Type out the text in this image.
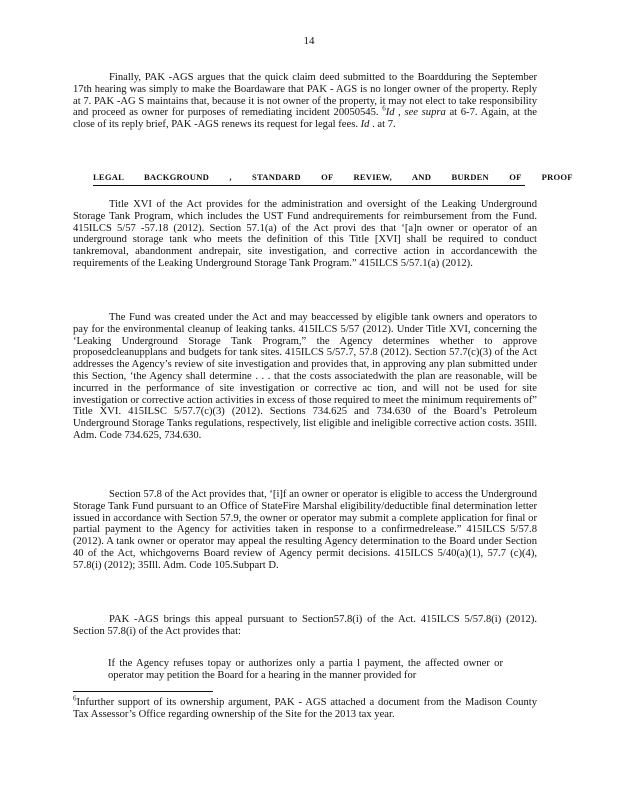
14

Finally, PAK -AGS argues that the quick claim deed submitted to the Boardduring the September 17th hearing was simply to make the Boardaware that PAK - AGS is no longer owner of the property. Reply at 7. PAK -AG S maintains that, because it is not owner of the property, it may not elect to take responsibility and proceed as owner for purposes of remediating incident 20050545. $^6$Id , see supra at 6-7. Again, at the close of its reply brief, PAK -AGS renews its request for legal fees. Id . at 7.

LEGAL BACKGROUND , STANDARD OF REVIEW, AND BURDEN OF PROOF

Title XVI of the Act provides for the administration and oversight of the Leaking Underground Storage Tank Program, which includes the UST Fund andrequirements for reimbursement from the Fund. 415ILCS 5/57 -57.18 (2012). Section 57.1(a) of the Act provi des that ‘[a]n owner or operator of an underground storage tank who meets the definition of this Title [XVI] shall be required to conduct tankremoval, abandonment andrepair, site investigation, and corrective action in accordancewith the requirements of the Leaking Underground Storage Tank Program.” 415ILCS 5/57.1(a) (2012).

The Fund was created under the Act and may beaccessed by eligible tank owners and operators to pay for the environmental cleanup of leaking tanks. 415ILCS 5/57 (2012). Under Title XVI, concerning the ‘Leaking Underground Storage Tank Program,” the Agency determines whether to approve proposedcleanupplans and budgets for tank sites. 415ILCS 5/57.7, 57.8 (2012). Section 57.7(c)(3) of the Act addresses the Agency’s review of site investigation and provides that, in approving any plan submitted under this Section, ‘the Agency shall determine . . . that the costs associatedwith the plan are reasonable, will be incurred in the performance of site investigation or corrective ac tion, and will not be used for site investigation or corrective action activities in excess of those required to meet the minimum requirements of” Title XVI. 415ILSC 5/57.7(c)(3) (2012). Sections 734.625 and 734.630 of the Board’s Petroleum Underground Storage Tanks regulations, respectively, list eligible and ineligible corrective action costs. 35Ill. Adm. Code 734.625, 734.630.

Section 57.8 of the Act provides that, ‘[i]f an owner or operator is eligible to access the Underground Storage Tank Fund pursuant to an Office of StateFire Marshal eligibility/deductible final determination letter issued in accordance with Section 57.9, the owner or operator may submit a complete application for final or partial payment to the Agency for activities taken in response to a confirmedrelease.” 415ILCS 5/57.8 (2012). A tank owner or operator may appeal the resulting Agency determination to the Board under Section 40 of the Act, whichgoverns Board review of Agency permit decisions. 415ILCS 5/40(a)(1), 57.7 (c)(4), 57.8(i) (2012); 35Ill. Adm. Code 105.Subpart D.

PAK -AGS brings this appeal pursuant to Section57.8(i) of the Act. 415ILCS 5/57.8(i) (2012). Section 57.8(i) of the Act provides that:

If the Agency refuses topay or authorizes only a partia l payment, the affected owner or operator may petition the Board for a hearing in the manner provided for
$^6$Infurther support of its ownership argument, PAK - AGS attached a document from the Madison County Tax Assessor’s Office regarding ownership of the Site for the 2013 tax year.
